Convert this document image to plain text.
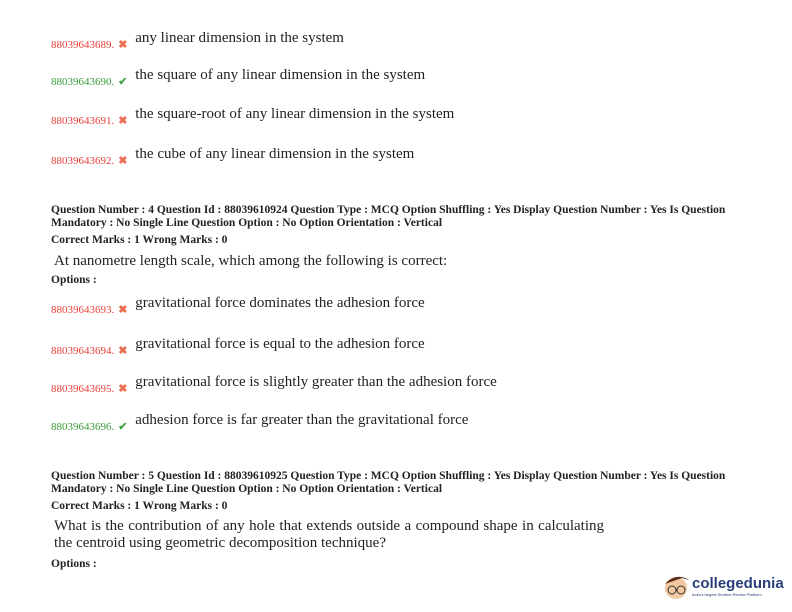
88039643689. ✖ any linear dimension in the system
88039643690. ✔ the square of any linear dimension in the system
88039643691. ✖ the square-root of any linear dimension in the system
88039643692. ✖ the cube of any linear dimension in the system
Question Number : 4 Question Id : 88039610924 Question Type : MCQ Option Shuffling : Yes Display Question Number : Yes Is Question Mandatory : No Single Line Question Option : No Option Orientation : Vertical
Correct Marks : 1 Wrong Marks : 0
At nanometre length scale, which among the following is correct:
Options :
88039643693. ✖ gravitational force dominates the adhesion force
88039643694. ✖ gravitational force is equal to the adhesion force
88039643695. ✖ gravitational force is slightly greater than the adhesion force
88039643696. ✔ adhesion force is far greater than the gravitational force
Question Number : 5 Question Id : 88039610925 Question Type : MCQ Option Shuffling : Yes Display Question Number : Yes Is Question Mandatory : No Single Line Question Option : No Option Orientation : Vertical
Correct Marks : 1 Wrong Marks : 0
What is the contribution of any hole that extends outside a compound shape in calculating the centroid using geometric decomposition technique?
Options :
collegedunia
India's largest Student Review Platform
